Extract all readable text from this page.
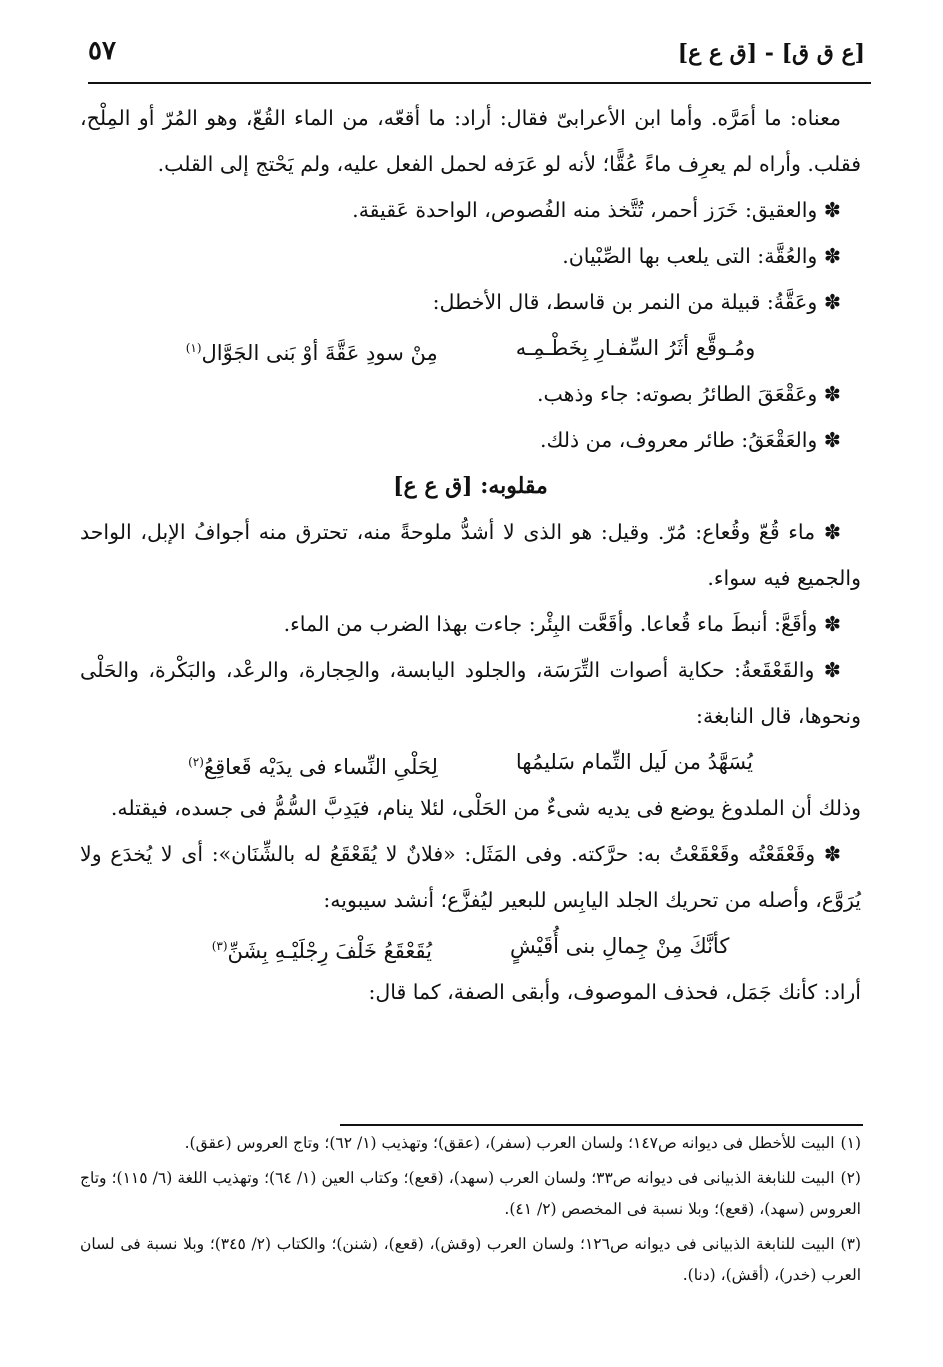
[ع ق ق] - [ق ع ع]
٥٧

معناه: ما أمَرَّه. وأما ابن الأعرابىّ فقال: أراد: ما أقعّه، من الماء القُعّ، وهو المُرّ أو المِلْح، فقلب. وأراه لم يعرِف ماءً عُقًّا؛ لأنه لو عَرَفه لحمل الفعل عليه، ولم يَحْتج إلى القلب.

✽ والعقيق: خَرَز أحمر، تُتَّخذ منه الفُصوص، الواحدة عَقيقة.

✽ والعُقَّة: التى يلعب بها الصِّبْيان.

✽ وعَقَّةُ: قبيلة من النمر بن قاسط، قال الأخطل:

ومُـوقَّع أثَرُ السِّفـارِ بِخَطْـمِـه
مِنْ سودِ عَقَّةَ أوْ بَنى الجَوَّال$^{(١)}$

✽ وعَقْعَقَ الطائرُ بصوته: جاء وذهب.

✽ والعَقْعَقُ: طائر معروف، من ذلك.

مقلوبه: [ق ع ع]

✽ ماء قُعّ وقُعاع: مُرّ. وقيل: هو الذى لا أشدُّ ملوحةً منه، تحترق منه أجوافُ الإبل، الواحد والجميع فيه سواء.

✽ وأقَعَّ: أنبطَ ماء قُعاعا. وأقَعَّت البِئْر: جاءت بهذا الضرب من الماء.

✽ والقَعْقَعةُ: حكاية أصوات التِّرَسَة، والجلود اليابسة، والحِجارة، والرعْد، والبَكْرة، والحَلْى ونحوها، قال النابغة:

يُسَهَّدُ من لَيل التِّمام سَليمُها
لِحَلْىِ النِّساء فى يدَيْه قَعاقِعُ$^{(٢)}$

وذلك أن الملدوغ يوضع فى يديه شىءٌ من الحَلْى، لئلا ينام، فيَدِبَّ السُّمُّ فى جسده، فيقتله.

✽ وقَعْقَعْتُه وقَعْقَعْتُ به: حرَّكته. وفى المَثَل: «فلانٌ لا يُقَعْقَعُ له بالشِّنَان»: أى لا يُخدَع ولا يُرَوَّع، وأصله من تحريك الجلد اليابِس للبعير ليُفزَّع؛ أنشد سيبويه:

كأنَّكَ مِنْ جِمالِ بنى أُقَيْشٍ
يُقَعْقَعُ خَلْفَ رِجْلَيْـهِ بِشَنِّ$^{(٣)}$

أراد: كأنك جَمَل، فحذف الموصوف، وأبقى الصفة، كما قال:

(١)البيت للأخطل فى ديوانه ص١٤٧؛ ولسان العرب (سفر)، (عقق)؛ وتهذيب (١/ ٦٢)؛ وتاج العروس (عقق).

(٢)البيت للنابغة الذبيانى فى ديوانه ص٣٣؛ ولسان العرب (سهد)، (قعع)؛ وكتاب العين (١/ ٦٤)؛ وتهذيب اللغة (٦/ ١١٥)؛ وتاج العروس (سهد)، (قعع)؛ وبلا نسبة فى المخصص (٢/ ٤١).

(٣)البيت للنابغة الذبيانى فى ديوانه ص١٢٦؛ ولسان العرب (وقش)، (قعع)، (شنن)؛ والكتاب (٢/ ٣٤٥)؛ وبلا نسبة فى لسان العرب (خدر)، (أقش)، (دنا).
